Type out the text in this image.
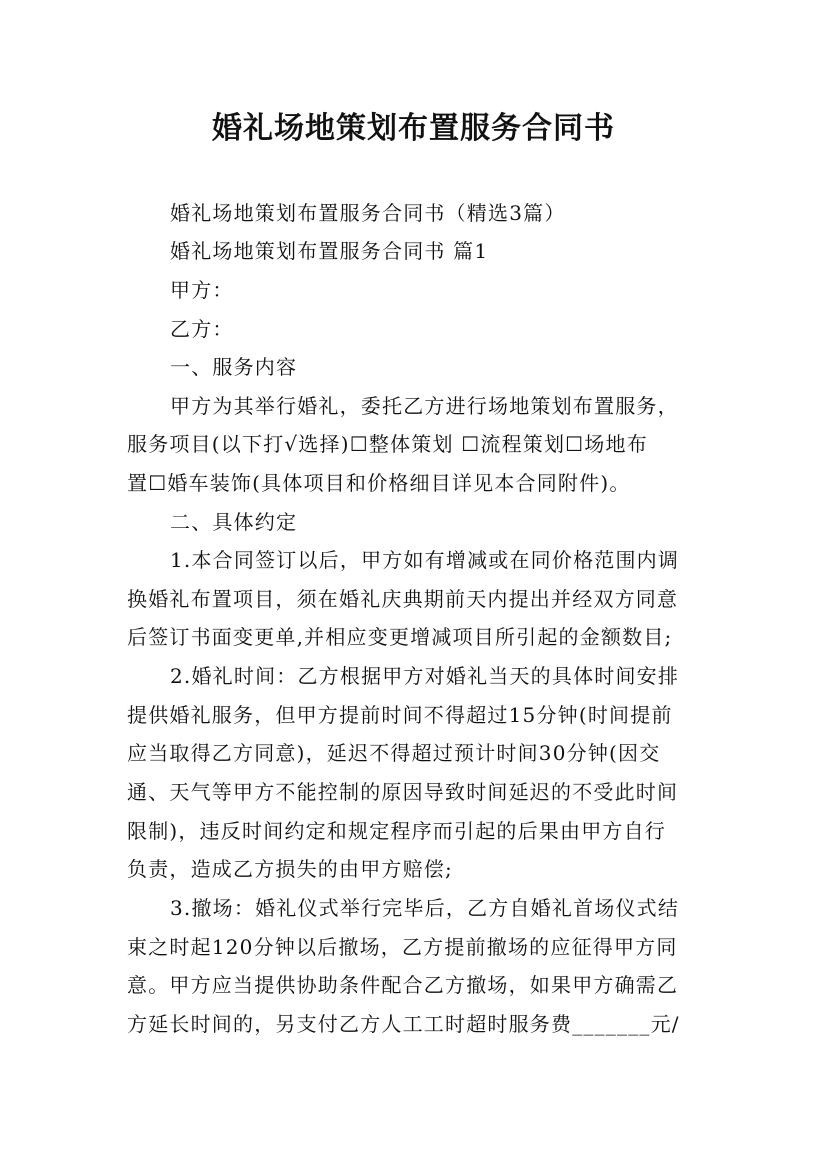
婚礼场地策划布置服务合同书
婚礼场地策划布置服务合同书（精选3篇）
婚礼场地策划布置服务合同书 篇1
甲方：
乙方：
一、服务内容
甲方为其举行婚礼，委托乙方进行场地策划布置服务，
服务项目(以下打√选择)☐整体策划 ☐流程策划☐场地布
置☐婚车装饰(具体项目和价格细目详见本合同附件)。
二、具体约定
1.本合同签订以后，甲方如有增减或在同价格范围内调
换婚礼布置项目，须在婚礼庆典期前天内提出并经双方同意
后签订书面变更单,并相应变更增减项目所引起的金额数目;
2.婚礼时间：乙方根据甲方对婚礼当天的具体时间安排
提供婚礼服务，但甲方提前时间不得超过15分钟(时间提前
应当取得乙方同意)，延迟不得超过预计时间30分钟(因交
通、天气等甲方不能控制的原因导致时间延迟的不受此时间
限制)，违反时间约定和规定程序而引起的后果由甲方自行
负责，造成乙方损失的由甲方赔偿;
3.撤场：婚礼仪式举行完毕后，乙方自婚礼首场仪式结
束之时起120分钟以后撤场，乙方提前撤场的应征得甲方同
意。甲方应当提供协助条件配合乙方撤场，如果甲方确需乙
方延长时间的，另支付乙方人工工时超时服务费_______元/
